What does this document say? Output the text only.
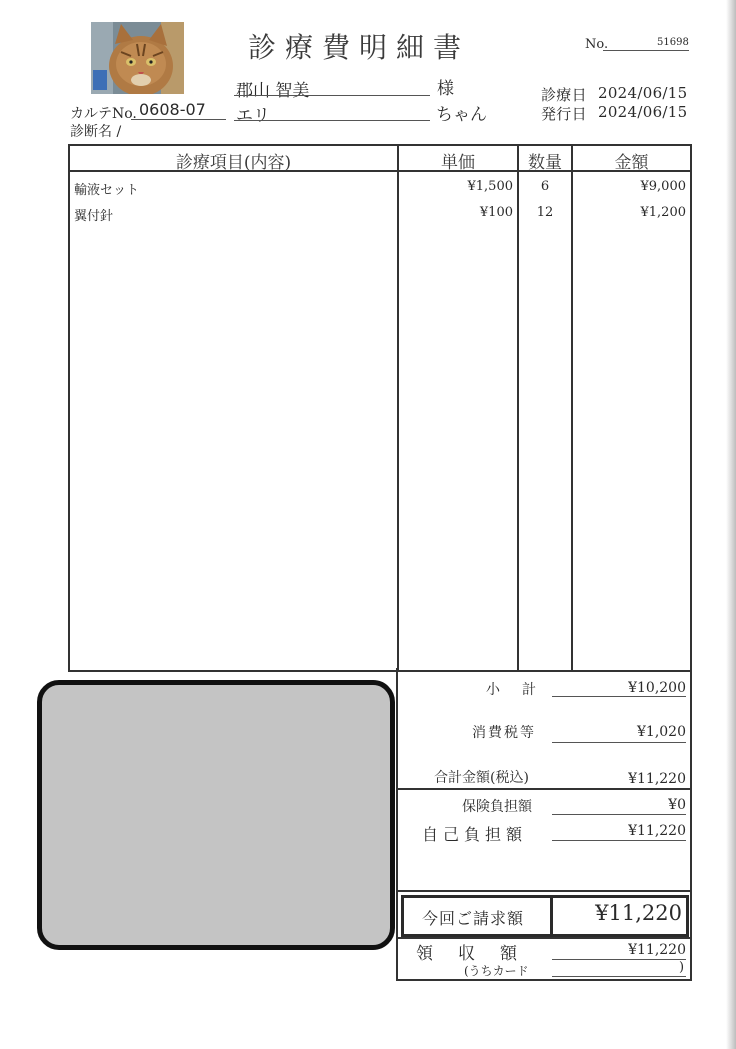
診療費明細書	No.	51698
郡山 智美	様
エリ	ちゃん
診療日 2024/06/15
発行日 2024/06/15
カルテNo. 0608-07
診断名 /
診療項目(内容)	単価	数量	金額
輸液セット	¥1,500	6	¥9,000
翼付針	¥100	12	¥1,200
小　計	¥10,200
消費税等	¥1,020
合計金額(税込)	¥11,220
保険負担額	¥0
自己負担額	¥11,220
今回ご請求額	¥11,220
領　収　額	¥11,220
(うちカード	)
